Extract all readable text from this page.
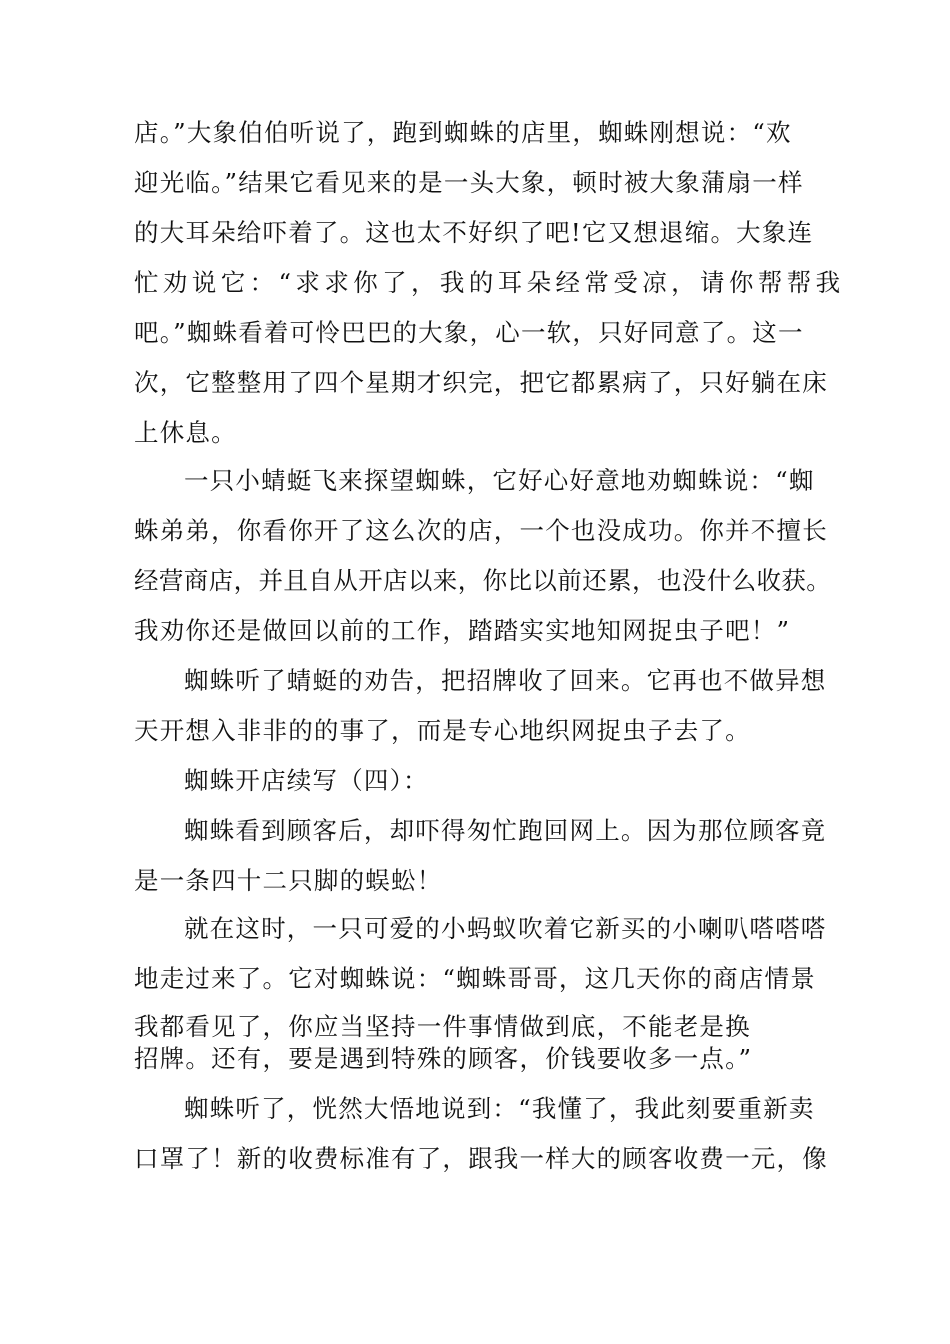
店。”大象伯伯听说了，跑到蜘蛛的店里，蜘蛛刚想说：“欢
迎光临。”结果它看见来的是一头大象，顿时被大象蒲扇一样
的大耳朵给吓着了。这也太不好织了吧!它又想退缩。大象连
忙劝说它：“求求你了，我的耳朵经常受凉，请你帮帮我
吧。”蜘蛛看着可怜巴巴的大象，心一软，只好同意了。这一
次，它整整用了四个星期才织完，把它都累病了，只好躺在床
上休息。
一只小蜻蜓飞来探望蜘蛛，它好心好意地劝蜘蛛说：“蜘
蛛弟弟，你看你开了这么次的店，一个也没成功。你并不擅长
经营商店，并且自从开店以来，你比以前还累，也没什么收获。
我劝你还是做回以前的工作，踏踏实实地知网捉虫子吧！”
蜘蛛听了蜻蜓的劝告，把招牌收了回来。它再也不做异想
天开想入非非的的事了，而是专心地织网捉虫子去了。
蜘蛛开店续写（四）：
蜘蛛看到顾客后，却吓得匆忙跑回网上。因为那位顾客竟
是一条四十二只脚的蜈蚣！
就在这时，一只可爱的小蚂蚁吹着它新买的小喇叭嗒嗒嗒
地走过来了。它对蜘蛛说：“蜘蛛哥哥，这几天你的商店情景
我都看见了，你应当坚持一件事情做到底，不能老是换
招牌。还有，要是遇到特殊的顾客，价钱要收多一点。”
蜘蛛听了，恍然大悟地说到：“我懂了，我此刻要重新卖
口罩了！新的收费标准有了，跟我一样大的顾客收费一元，像
